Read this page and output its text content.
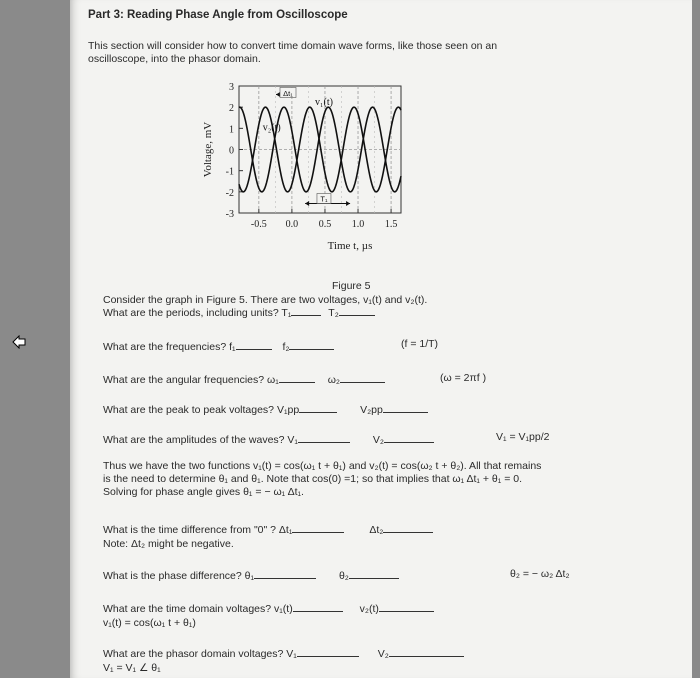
Part 3: Reading Phase Angle from Oscilloscope
This section will consider how to convert time domain wave forms, like those seen on an
oscilloscope, into the phasor domain.
3
2
1
0
-1
-2
-3
-0.5 0.0 0.5 1.0 1.5
Voltage, mV
Time t, µs
v₁(t)
v₂(t)
Δt₁
T₁
Figure 5
Consider the graph in Figure 5. There are two voltages, v₁(t) and v₂(t).
What are the periods, including units? T₁	T₂
What are the frequencies? f₁	f₂	(f = 1/T)
What are the angular frequencies? ω₁	ω₂	(ω = 2πf )
What are the peak to peak voltages? V₁pp	V₂pp
What are the amplitudes of the waves? V₁	V₂	V₁ = V₁pp/2
Thus we have the two functions v₁(t) = cos(ω₁ t + θ₁) and v₂(t) = cos(ω₂ t + θ₂). All that remains
is the need to determine θ₁ and θ₁. Note that cos(0) =1; so that implies that ω₁ Δt₁ + θ₁ = 0.
Solving for phase angle gives θ₁ = − ω₁ Δt₁.
What is the time difference from "0" ? Δt₁	Δt₂
Note: Δt₂ might be negative.
What is the phase difference? θ₁	θ₂	θ₂ = − ω₂ Δt₂
What are the time domain voltages? v₁(t)	v₂(t)
v₁(t) = cos(ω₁ t + θ₁)
What are the phasor domain voltages? V₁	V₂
V₁ = V₁ ∠ θ₁
